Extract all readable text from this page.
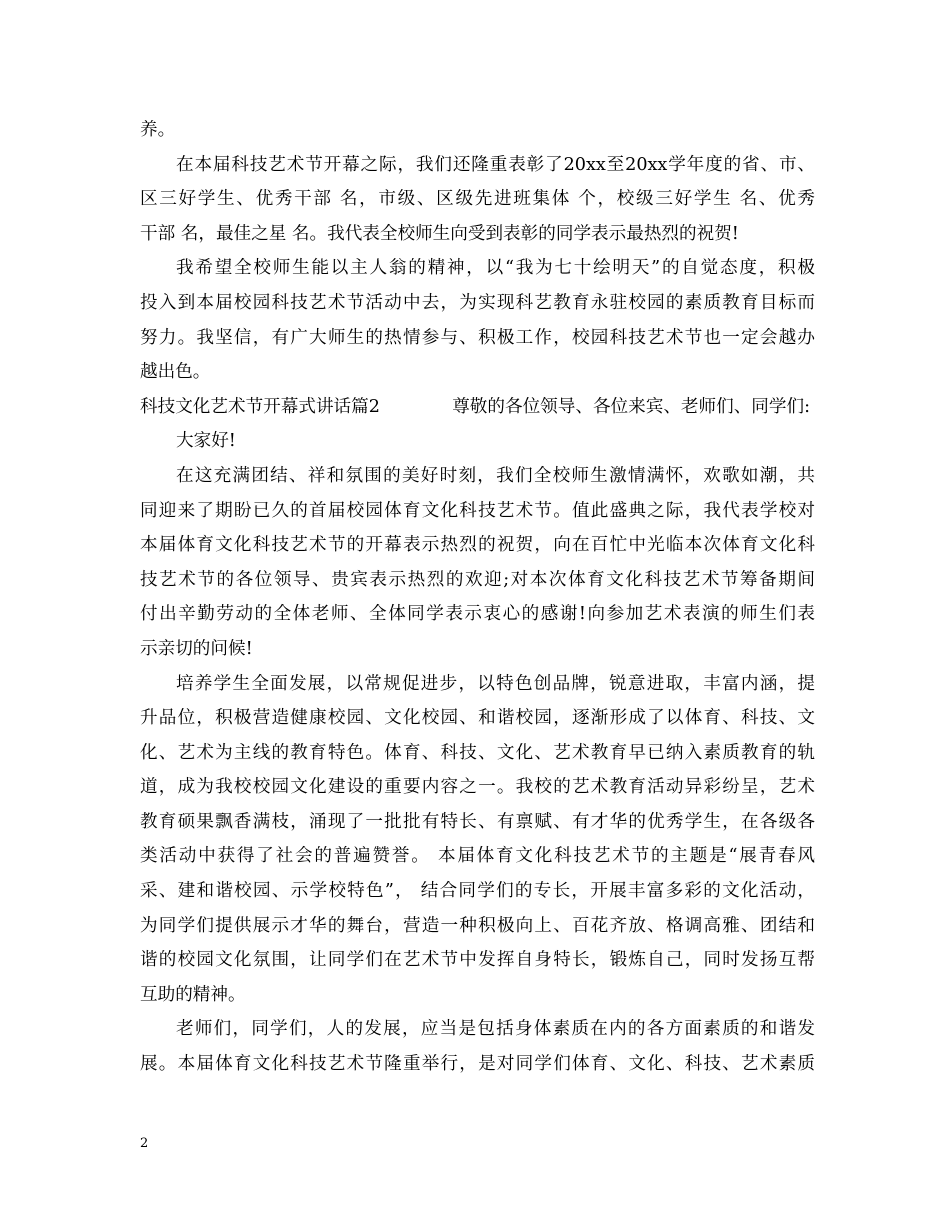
养。
在本届科技艺术节开幕之际，我们还隆重表彰了20xx至20xx学年度的省、市、
区三好学生、优秀干部 名，市级、区级先进班集体 个，校级三好学生 名、优秀
干部 名，最佳之星 名。我代表全校师生向受到表彰的同学表示最热烈的祝贺!
我希望全校师生能以主人翁的精神，以“我为七十绘明天”的自觉态度，积极
投入到本届校园科技艺术节活动中去，为实现科艺教育永驻校园的素质教育目标而
努力。我坚信，有广大师生的热情参与、积极工作，校园科技艺术节也一定会越办
越出色。
科技文化艺术节开幕式讲话篇2	尊敬的各位领导、各位来宾、老师们、同学们:
大家好!
在这充满团结、祥和氛围的美好时刻，我们全校师生激情满怀，欢歌如潮，共
同迎来了期盼已久的首届校园体育文化科技艺术节。值此盛典之际，我代表学校对
本届体育文化科技艺术节的开幕表示热烈的祝贺，向在百忙中光临本次体育文化科
技艺术节的各位领导、贵宾表示热烈的欢迎;对本次体育文化科技艺术节筹备期间
付出辛勤劳动的全体老师、全体同学表示衷心的感谢!向参加艺术表演的师生们表
示亲切的问候!
培养学生全面发展，以常规促进步，以特色创品牌，锐意进取，丰富内涵，提
升品位，积极营造健康校园、文化校园、和谐校园，逐渐形成了以体育、科技、文
化、艺术为主线的教育特色。体育、科技、文化、艺术教育早已纳入素质教育的轨
道，成为我校校园文化建设的重要内容之一。我校的艺术教育活动异彩纷呈，艺术
教育硕果飘香满枝，涌现了一批批有特长、有禀赋、有才华的优秀学生，在各级各
类活动中获得了社会的普遍赞誉。 本届体育文化科技艺术节的主题是“展青春风
采、建和谐校园、示学校特色”， 结合同学们的专长，开展丰富多彩的文化活动，
为同学们提供展示才华的舞台，营造一种积极向上、百花齐放、格调高雅、团结和
谐的校园文化氛围，让同学们在艺术节中发挥自身特长，锻炼自己，同时发扬互帮
互助的精神。
老师们，同学们，人的发展，应当是包括身体素质在内的各方面素质的和谐发
展。本届体育文化科技艺术节隆重举行，是对同学们体育、文化、科技、艺术素质
2
